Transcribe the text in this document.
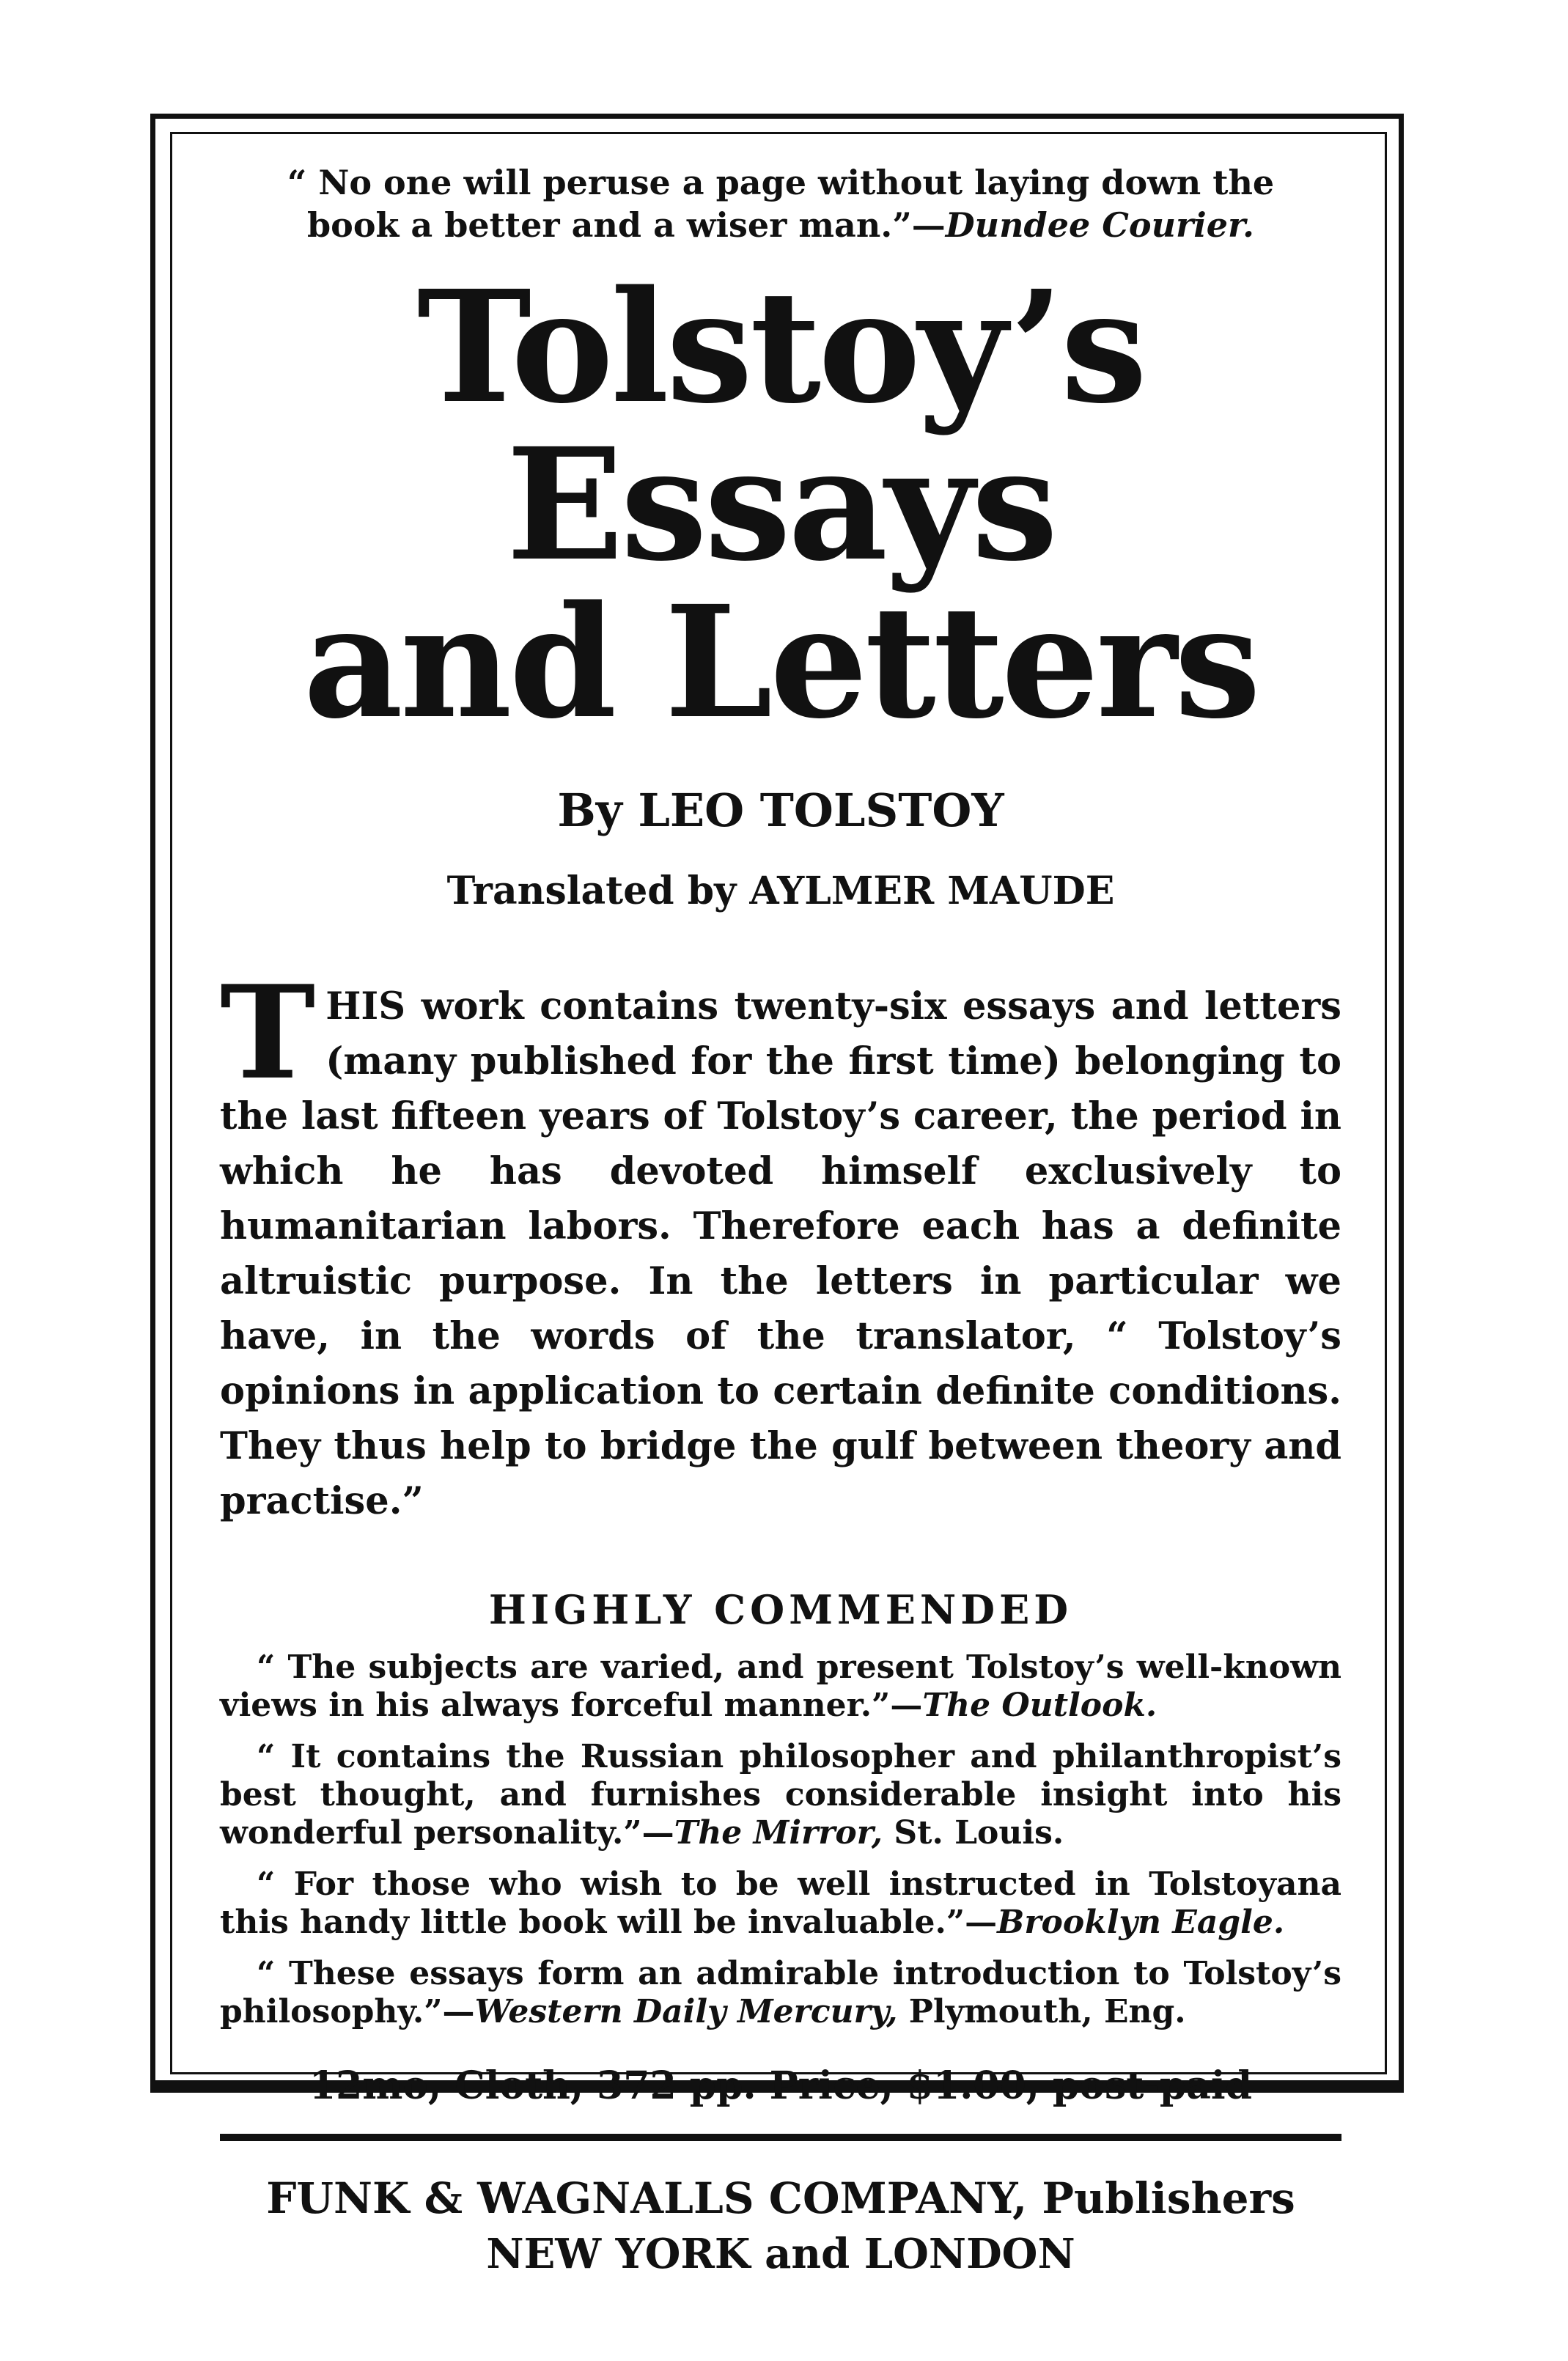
“ No one will peruse a page without laying down the book a better and a wiser man.”—Dundee Courier.
Tolstoy’s Essays
and Letters
By LEO TOLSTOY
Translated by AYLMER MAUDE
THIS work contains twenty-six essays and letters (many published for the first time) belonging to the last fifteen years of Tolstoy’s career, the period in which he has devoted himself exclusively to humanitarian labors. Therefore each has a definite altruistic purpose. In the letters in particular we have, in the words of the translator, “ Tolstoy’s opinions in application to certain definite conditions. They thus help to bridge the gulf between theory and practise.”
HIGHLY COMMENDED
“ The subjects are varied, and present Tolstoy’s well-known views in his always forceful manner.”—The Outlook.
“ It contains the Russian philosopher and philanthropist’s best thought, and furnishes considerable insight into his wonderful personality.”—The Mirror, St. Louis.
“ For those who wish to be well instructed in Tolstoyana this handy little book will be invaluable.”—Brooklyn Eagle.
“ These essays form an admirable introduction to Tolstoy’s philosophy.”—Western Daily Mercury, Plymouth, Eng.
12mo, Cloth, 372 pp. Price, $1.00, post-paid
FUNK & WAGNALLS COMPANY, Publishers
NEW YORK and LONDON
